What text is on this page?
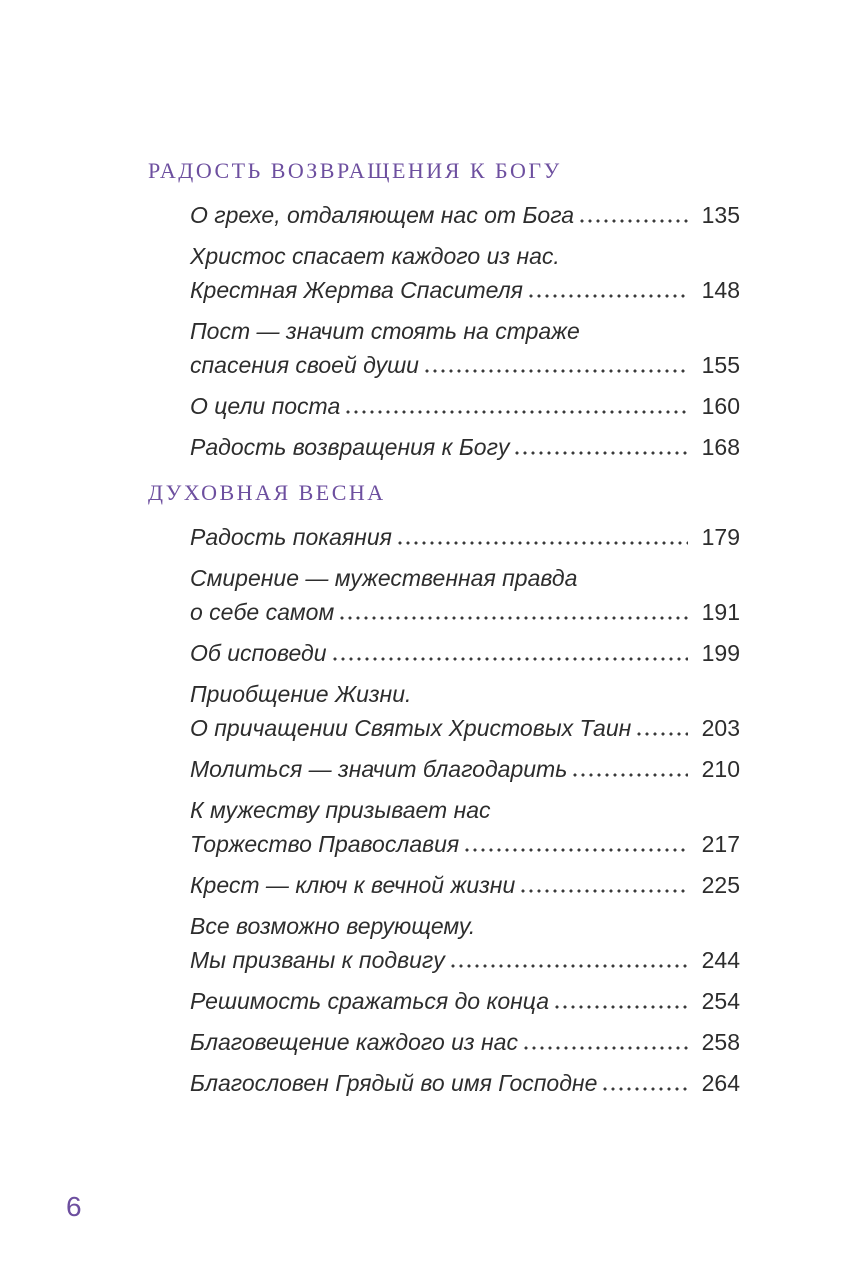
РАДОСТЬ ВОЗВРАЩЕНИЯ К БОГУ
О грехе, отдаляющем нас от Бога	135
Христос спасает каждого из нас.
Крестная Жертва Спасителя	148
Пост — значит стоять на страже
спасения своей души	155
О цели поста	160
Радость возвращения к Богу	168
ДУХОВНАЯ ВЕСНА
Радость покаяния	179
Смирение — мужественная правда
о себе самом	191
Об исповеди	199
Приобщение Жизни.
О причащении Святых Христовых Таин	203
Молиться — значит благодарить	210
К мужеству призывает нас
Торжество Православия	217
Крест — ключ к вечной жизни	225
Все возможно верующему.
Мы призваны к подвигу	244
Решимость сражаться до конца	254
Благовещение каждого из нас	258
Благословен Грядый во имя Господне	264
6
